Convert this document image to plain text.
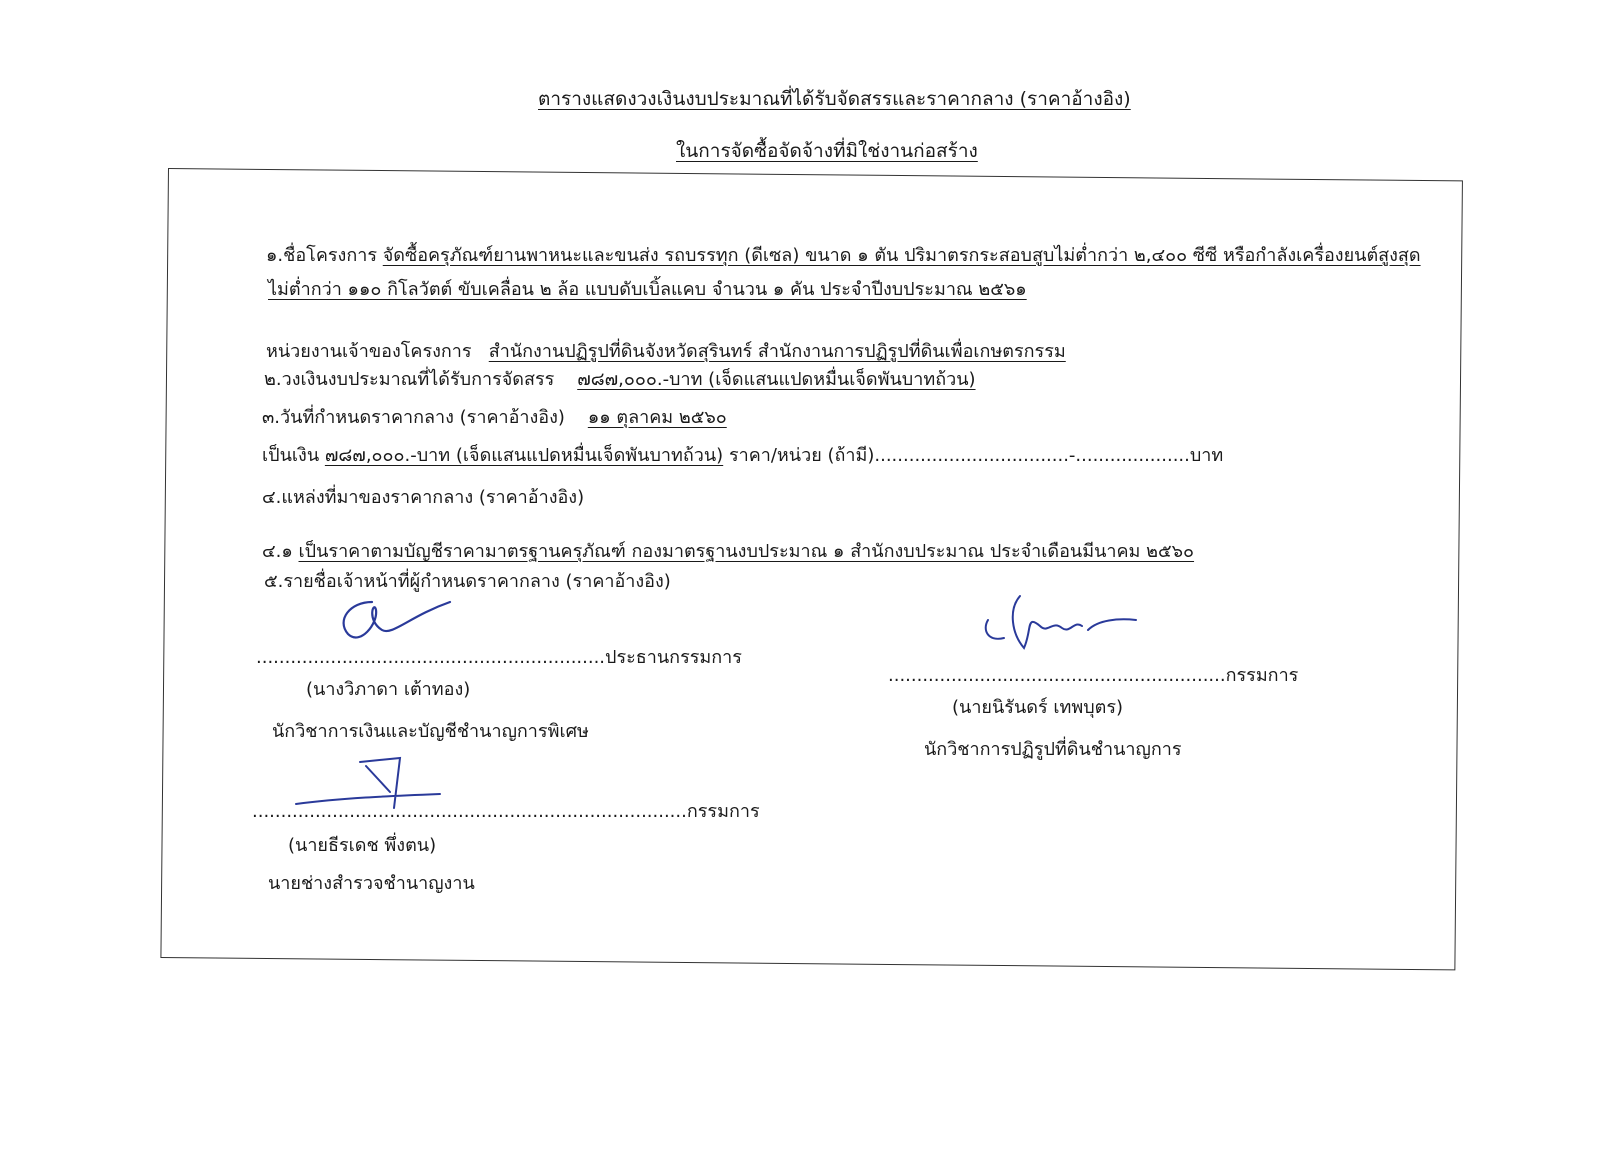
ตารางแสดงวงเงินงบประมาณที่ได้รับจัดสรรและราคากลาง (ราคาอ้างอิง)
ในการจัดซื้อจัดจ้างที่มิใช่งานก่อสร้าง
๑.ชื่อโครงการ จัดซื้อครุภัณฑ์ยานพาหนะและขนส่ง รถบรรทุก (ดีเซล) ขนาด ๑ ตัน ปริมาตรกระสอบสูบไม่ต่ำกว่า ๒,๔๐๐ ซีซี หรือกำลังเครื่องยนต์สูงสุด
ไม่ต่ำกว่า ๑๑๐ กิโลวัตต์ ขับเคลื่อน ๒ ล้อ แบบดับเบิ้ลแคบ จำนวน ๑ คัน ประจำปีงบประมาณ ๒๕๖๑
หน่วยงานเจ้าของโครงการ สำนักงานปฏิรูปที่ดินจังหวัดสุรินทร์ สำนักงานการปฏิรูปที่ดินเพื่อเกษตรกรรม
๒.วงเงินงบประมาณที่ได้รับการจัดสรร ๗๘๗,๐๐๐.-บาท (เจ็ดแสนแปดหมื่นเจ็ดพันบาทถ้วน)
๓.วันที่กำหนดราคากลาง (ราคาอ้างอิง) ๑๑ ตุลาคม ๒๕๖๐
เป็นเงิน ๗๘๗,๐๐๐.-บาท (เจ็ดแสนแปดหมื่นเจ็ดพันบาทถ้วน) ราคา/หน่วย (ถ้ามี)..................................-....................บาท
๔.แหล่งที่มาของราคากลาง (ราคาอ้างอิง)
๔.๑ เป็นราคาตามบัญชีราคามาตรฐานครุภัณฑ์ กองมาตรฐานงบประมาณ ๑ สำนักงบประมาณ ประจำเดือนมีนาคม ๒๕๖๐
๕.รายชื่อเจ้าหน้าที่ผู้กำหนดราคากลาง (ราคาอ้างอิง)
.............................................................ประธานกรรมการ
(นางวิภาดา เต้าทอง)
นักวิชาการเงินและบัญชีชำนาญการพิเศษ
...........................................................กรรมการ
(นายนิรันดร์ เทพบุตร)
นักวิชาการปฏิรูปที่ดินชำนาญการ
............................................................................กรรมการ
(นายธีรเดช พึ่งตน)
นายช่างสำรวจชำนาญงาน
